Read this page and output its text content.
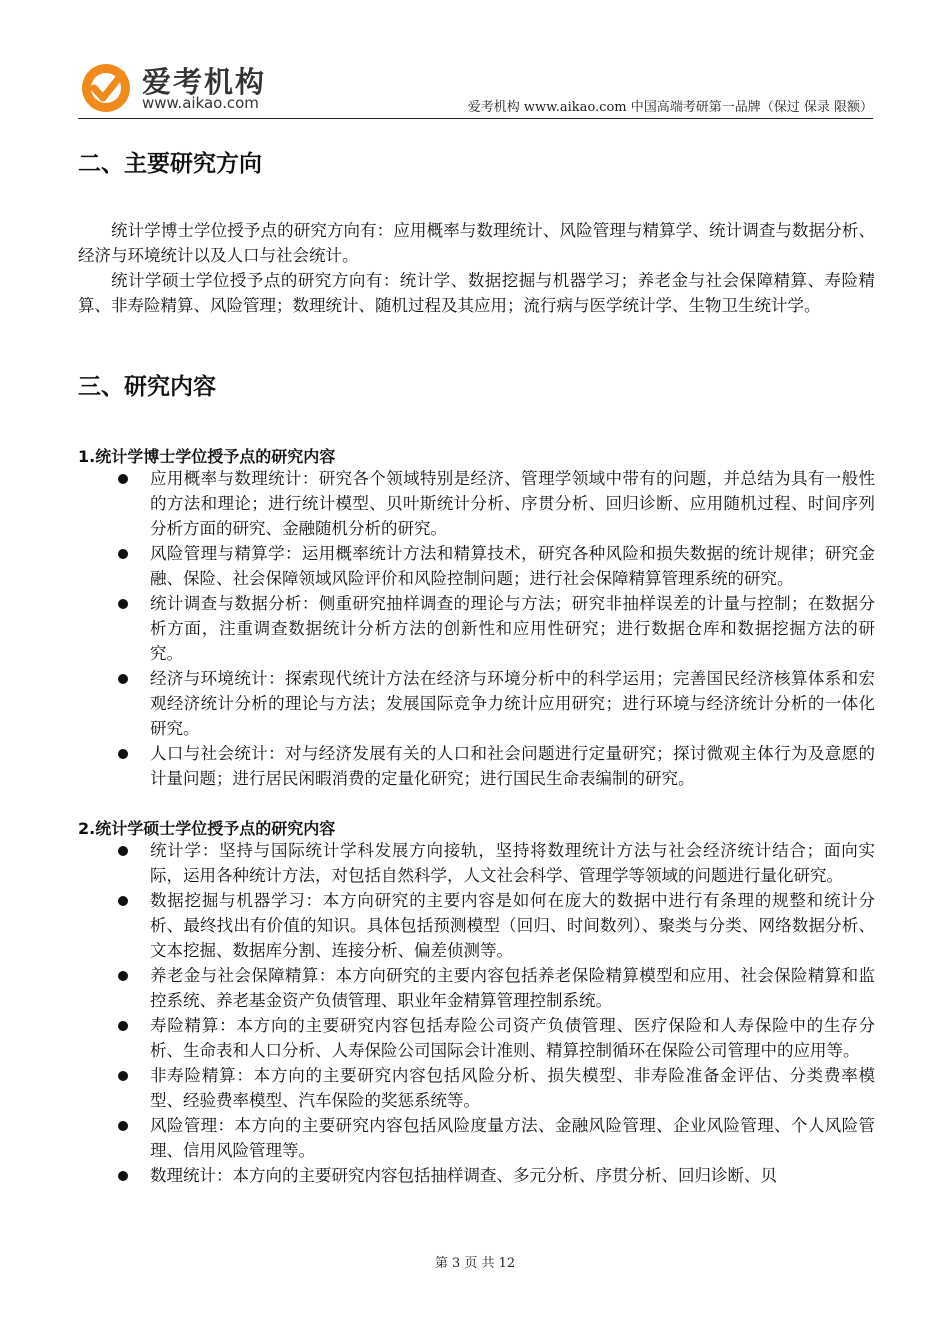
爱考机构
www.aikao.com	爱考机构 www.aikao.com 中国高端考研第一品牌（保过 保录 限额）
二、主要研究方向
统计学博士学位授予点的研究方向有：应用概率与数理统计、风险管理与精算学、统计调查与数据分析、经济与环境统计以及人口与社会统计。
统计学硕士学位授予点的研究方向有：统计学、数据挖掘与机器学习；养老金与社会保障精算、寿险精算、非寿险精算、风险管理；数理统计、随机过程及其应用；流行病与医学统计学、生物卫生统计学。
三、研究内容
1.统计学博士学位授予点的研究内容
应用概率与数理统计：研究各个领域特别是经济、管理学领域中带有的问题，并总结为具有一般性的方法和理论；进行统计模型、贝叶斯统计分析、序贯分析、回归诊断、应用随机过程、时间序列分析方面的研究、金融随机分析的研究。
风险管理与精算学：运用概率统计方法和精算技术，研究各种风险和损失数据的统计规律；研究金融、保险、社会保障领域风险评价和风险控制问题；进行社会保障精算管理系统的研究。
统计调查与数据分析：侧重研究抽样调查的理论与方法；研究非抽样误差的计量与控制；在数据分析方面，注重调查数据统计分析方法的创新性和应用性研究；进行数据仓库和数据挖掘方法的研究。
经济与环境统计：探索现代统计方法在经济与环境分析中的科学运用；完善国民经济核算体系和宏观经济统计分析的理论与方法；发展国际竞争力统计应用研究；进行环境与经济统计分析的一体化研究。
人口与社会统计：对与经济发展有关的人口和社会问题进行定量研究；探讨微观主体行为及意愿的计量问题；进行居民闲暇消费的定量化研究；进行国民生命表编制的研究。
2.统计学硕士学位授予点的研究内容
统计学：坚持与国际统计学科发展方向接轨，坚持将数理统计方法与社会经济统计结合；面向实际，运用各种统计方法，对包括自然科学，人文社会科学、管理学等领域的问题进行量化研究。
数据挖掘与机器学习：本方向研究的主要内容是如何在庞大的数据中进行有条理的规整和统计分析、最终找出有价值的知识。具体包括预测模型（回归、时间数列）、聚类与分类、网络数据分析、文本挖掘、数据库分割、连接分析、偏差侦测等。
养老金与社会保障精算：本方向研究的主要内容包括养老保险精算模型和应用、社会保险精算和监控系统、养老基金资产负债管理、职业年金精算管理控制系统。
寿险精算：本方向的主要研究内容包括寿险公司资产负债管理、医疗保险和人寿保险中的生存分析、生命表和人口分析、人寿保险公司国际会计准则、精算控制循环在保险公司管理中的应用等。
非寿险精算：本方向的主要研究内容包括风险分析、损失模型、非寿险准备金评估、分类费率模型、经验费率模型、汽车保险的奖惩系统等。
风险管理：本方向的主要研究内容包括风险度量方法、金融风险管理、企业风险管理、个人风险管理、信用风险管理等。
数理统计：本方向的主要研究内容包括抽样调查、多元分析、序贯分析、回归诊断、贝
第 3 页 共 12
